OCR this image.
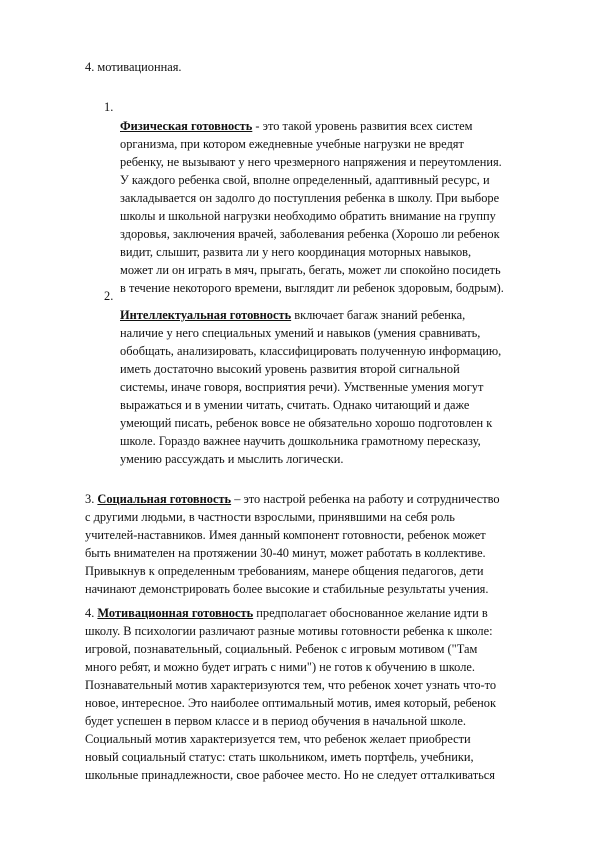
4. мотивационная.
1.
Физическая готовность - это такой уровень развития всех систем
организма, при котором ежедневные учебные нагрузки не вредят
ребенку, не вызывают у него чрезмерного напряжения и переутомления.
У каждого ребенка свой, вполне определенный, адаптивный ресурс, и
закладывается он задолго до поступления ребенка в школу. При выборе
школы и школьной нагрузки необходимо обратить внимание на группу
здоровья, заключения врачей, заболевания ребенка (Хорошо ли ребенок
видит, слышит, развита ли у него координация моторных навыков,
может ли он играть в мяч, прыгать, бегать, может ли спокойно посидеть
в течение некоторого времени, выглядит ли ребенок здоровым, бодрым).
2.
Интеллектуальная готовность включает багаж знаний ребенка,
наличие у него специальных умений и навыков (умения сравнивать,
обобщать, анализировать, классифицировать полученную информацию,
иметь достаточно высокий уровень развития второй сигнальной
системы, иначе говоря, восприятия речи). Умственные умения могут
выражаться и в умении читать, считать. Однако читающий и даже
умеющий писать, ребенок вовсе не обязательно хорошо подготовлен к
школе. Гораздо важнее научить дошкольника грамотному пересказу,
умению рассуждать и мыслить логически.
3. Социальная готовность – это настрой ребенка на работу и сотрудничество
с другими людьми, в частности взрослыми, принявшими на себя роль
учителей-наставников. Имея данный компонент готовности, ребенок может
быть внимателен на протяжении 30-40 минут, может работать в коллективе.
Привыкнув к определенным требованиям, манере общения педагогов, дети
начинают демонстрировать более высокие и стабильные результаты учения.
4. Мотивационная готовность предполагает обоснованное желание идти в
школу. В психологии различают разные мотивы готовности ребенка к школе:
игровой, познавательный, социальный. Ребенок с игровым мотивом ("Там
много ребят, и можно будет играть с ними") не готов к обучению в школе.
Познавательный мотив характеризуются тем, что ребенок хочет узнать что-то
новое, интересное. Это наиболее оптимальный мотив, имея который, ребенок
будет успешен в первом классе и в период обучения в начальной школе.
Социальный мотив характеризуется тем, что ребенок желает приобрести
новый социальный статус: стать школьником, иметь портфель, учебники,
школьные принадлежности, свое рабочее место. Но не следует отталкиваться
